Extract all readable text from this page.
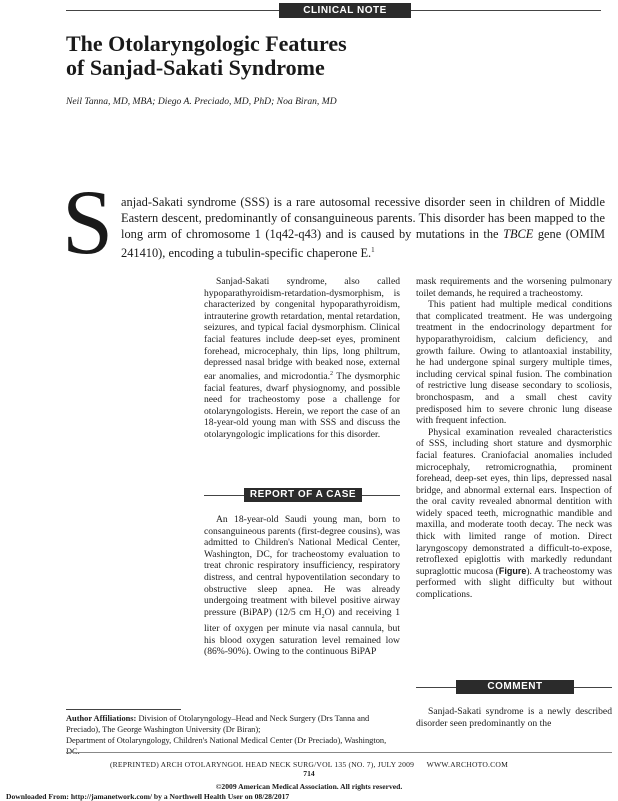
CLINICAL NOTE
The Otolaryngologic Features
of Sanjad-Sakati Syndrome
Neil Tanna, MD, MBA; Diego A. Preciado, MD, PhD; Noa Biran, MD
S anjad-Sakati syndrome (SSS) is a rare autosomal recessive disorder seen in children of Middle Eastern descent, predominantly of consanguineous parents. This disorder has been mapped to the long arm of chromosome 1 (1q42-q43) and is caused by mutations in the TBCE gene (OMIM 241410), encoding a tubulin-specific chaperone E.$^1$

Sanjad-Sakati syndrome, also called hypoparathyroidism-retardation-dysmorphism, is characterized by congenital hypoparathyroidism, intrauterine growth retardation, mental retardation, seizures, and typical facial dysmorphism. Clinical facial features include deep-set eyes, prominent forehead, microcephaly, thin lips, long philtrum, depressed nasal bridge with beaked nose, external ear anomalies, and microdontia.$^2$ The dysmorphic facial features, dwarf physiognomy, and possible need for tracheostomy pose a challenge for otolaryngologists. Herein, we report the case of an 18-year-old young man with SSS and discuss the otolaryngologic implications for this disorder.

REPORT OF A CASE

An 18-year-old Saudi young man, born to consanguineous parents (first-degree cousins), was admitted to Children's National Medical Center, Washington, DC, for tracheostomy evaluation to treat chronic respiratory insufficiency, respiratory distress, and central hypoventilation secondary to obstructive sleep apnea. He was already undergoing treatment with bilevel positive airway pressure (BiPAP) (12/5 cm $H_2O$) and receiving 1 liter of oxygen per minute via nasal cannula, but his blood oxygen saturation level remained low (86%-90%). Owing to the continuous BiPAP

mask requirements and the worsening pulmonary toilet demands, he required a tracheostomy.

This patient had multiple medical conditions that complicated treatment. He was undergoing treatment in the endocrinology department for hypoparathyroidism, calcium deficiency, and growth failure. Owing to atlantoaxial instability, he had undergone spinal surgery multiple times, including cervical spinal fusion. The combination of restrictive lung disease secondary to scoliosis, bronchospasm, and a small chest cavity predisposed him to severe chronic lung disease with frequent infection.

Physical examination revealed characteristics of SSS, including short stature and dysmorphic facial features. Craniofacial anomalies included microcephaly, retromicrognathia, prominent forehead, deep-set eyes, thin lips, depressed nasal bridge, and abnormal external ears. Inspection of the oral cavity revealed abnormal dentition with widely spaced teeth, micrognathic mandible and maxilla, and moderate tooth decay. The neck was thick with limited range of motion. Direct laryngoscopy demonstrated a difficult-to-expose, retroflexed epiglottis with markedly redundant supraglottic mucosa (Figure). A tracheostomy was performed with slight difficulty but without complications.

COMMENT

Sanjad-Sakati syndrome is a newly described disorder seen predominantly on the

Author Affiliations: Division of Otolaryngology–Head and Neck Surgery (Drs Tanna and Preciado), The George Washington University (Dr Biran);

Department of Otolaryngology, Children's National Medical Center (Dr Preciado), Washington, DC.

(REPRINTED) ARCH OTOLARYNGOL HEAD NECK SURG/VOL 135 (NO. 7), JULY 2009      WWW.ARCHOTO.COM
714
©2009 American Medical Association. All rights reserved.
Downloaded From: http://jamanetwork.com/ by a Northwell Health User on 08/28/2017
